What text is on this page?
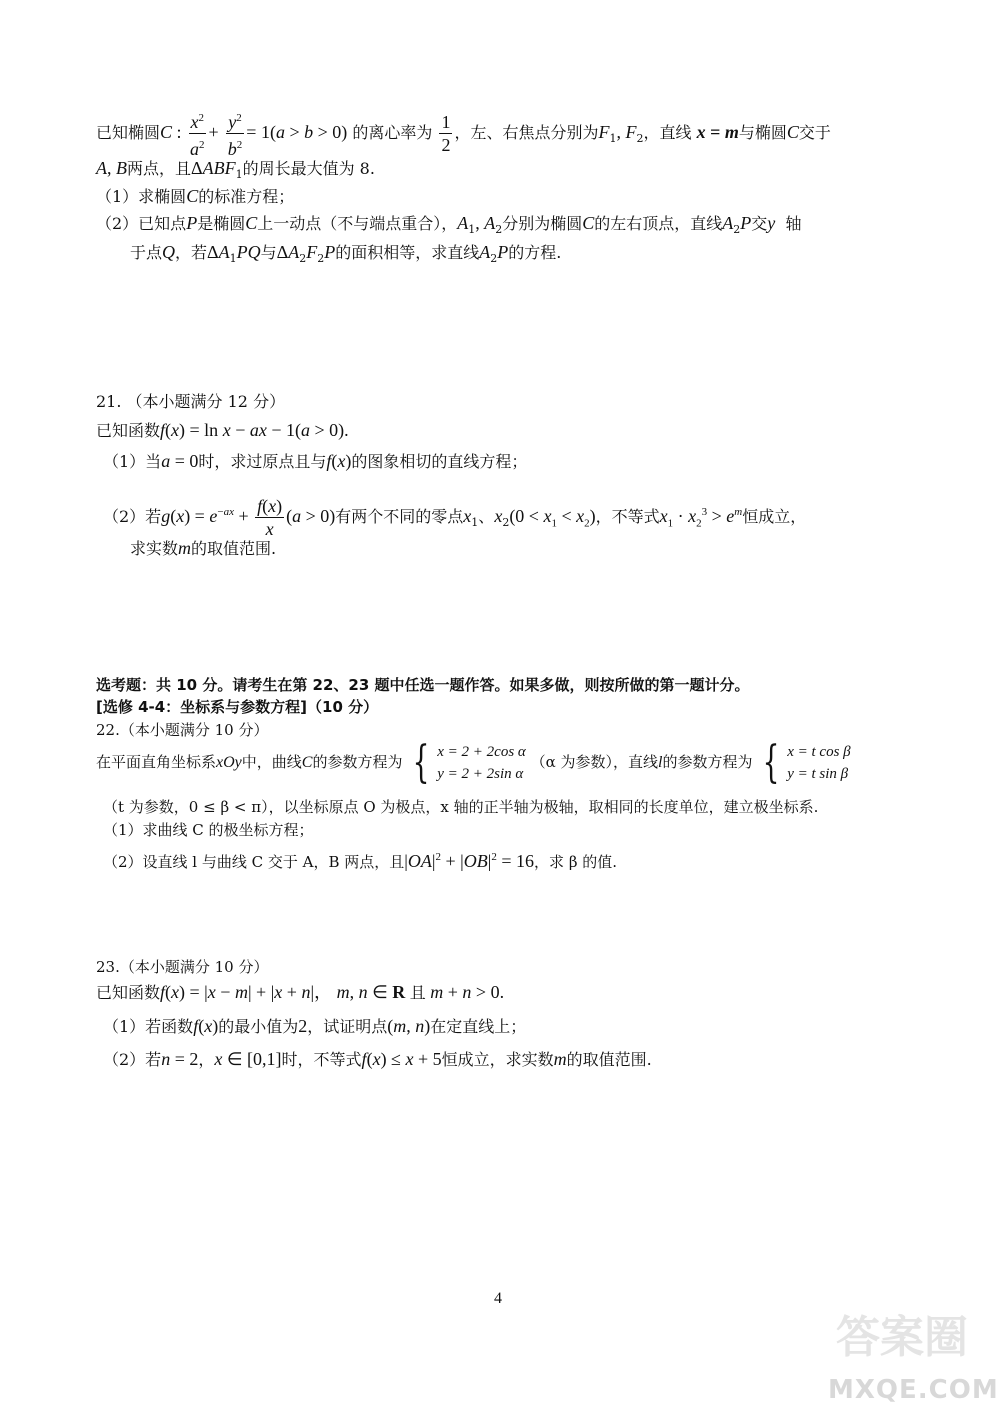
已知椭圆C : $\frac{x^2}{a^2} + \frac{y^2}{b^2} = 1(a > b > 0)$ 的离心率为 $\frac{1}{2}$ ，左、右焦点分别为$F_1$, $F_2$，直线 x = m与椭圆C交于
A, B两点，且$\Delta ABF_1$的周长最大值为 8.
（1）求椭圆C的标准方程；
（2）已知点P是椭圆C上一动点（不与端点重合），$A_1$, $A_2$分别为椭圆C的左右顶点，直线$A_2P$交y 轴
于点Q，若$\Delta A_1PQ$与$\Delta A_2F_2P$的面积相等，求直线$A_2P$的方程.
21. （本小题满分 12 分）
已知函数f(x) = ln x − ax − 1(a > 0).
（1）当a = 0时，求过原点且与f(x)的图象相切的直线方程；
（2）若$g(x) = e^{-ax} + \frac{f(x)}{x} (a > 0)$有两个不同的零点$x_1$、$x_2(0 < x_1 < x_2)$，不等式$x_1 \cdot x_2^3 > e^m$恒成立，
求实数m的取值范围.
选考题：共 10 分。请考生在第 22、23 题中任选一题作答。如果多做，则按所做的第一题计分。
[选修 4-4：坐标系与参数方程]（10 分）
22.（本小题满分 10 分）
在平面直角坐标系xOy中，曲线C的参数方程为 { x = 2 + 2cos α
y = 2 + 2sin α
（α 为参数），直线l的参数方程为 { x = t cos β
y = t sin β
（t 为参数，0 ≤ β < π），以坐标原点 O 为极点，x 轴的正半轴为极轴，取相同的长度单位，建立极坐标系.
（1）求曲线 C 的极坐标方程；
（2）设直线 l 与曲线 C 交于 A，B 两点，且$|OA|^2 + |OB|^2 = 16$，求 β 的值.
23.（本小题满分 10 分）
已知函数f(x) = |x − m| + |x + n|， m, n ∈ R 且 m + n > 0.
（1）若函数f(x)的最小值为2，试证明点(m, n)在定直线上；
（2）若n = 2，x ∈ [0,1]时，不等式f(x) ≤ x + 5恒成立，求实数m的取值范围.
4
答案圈
MXQE.COM
